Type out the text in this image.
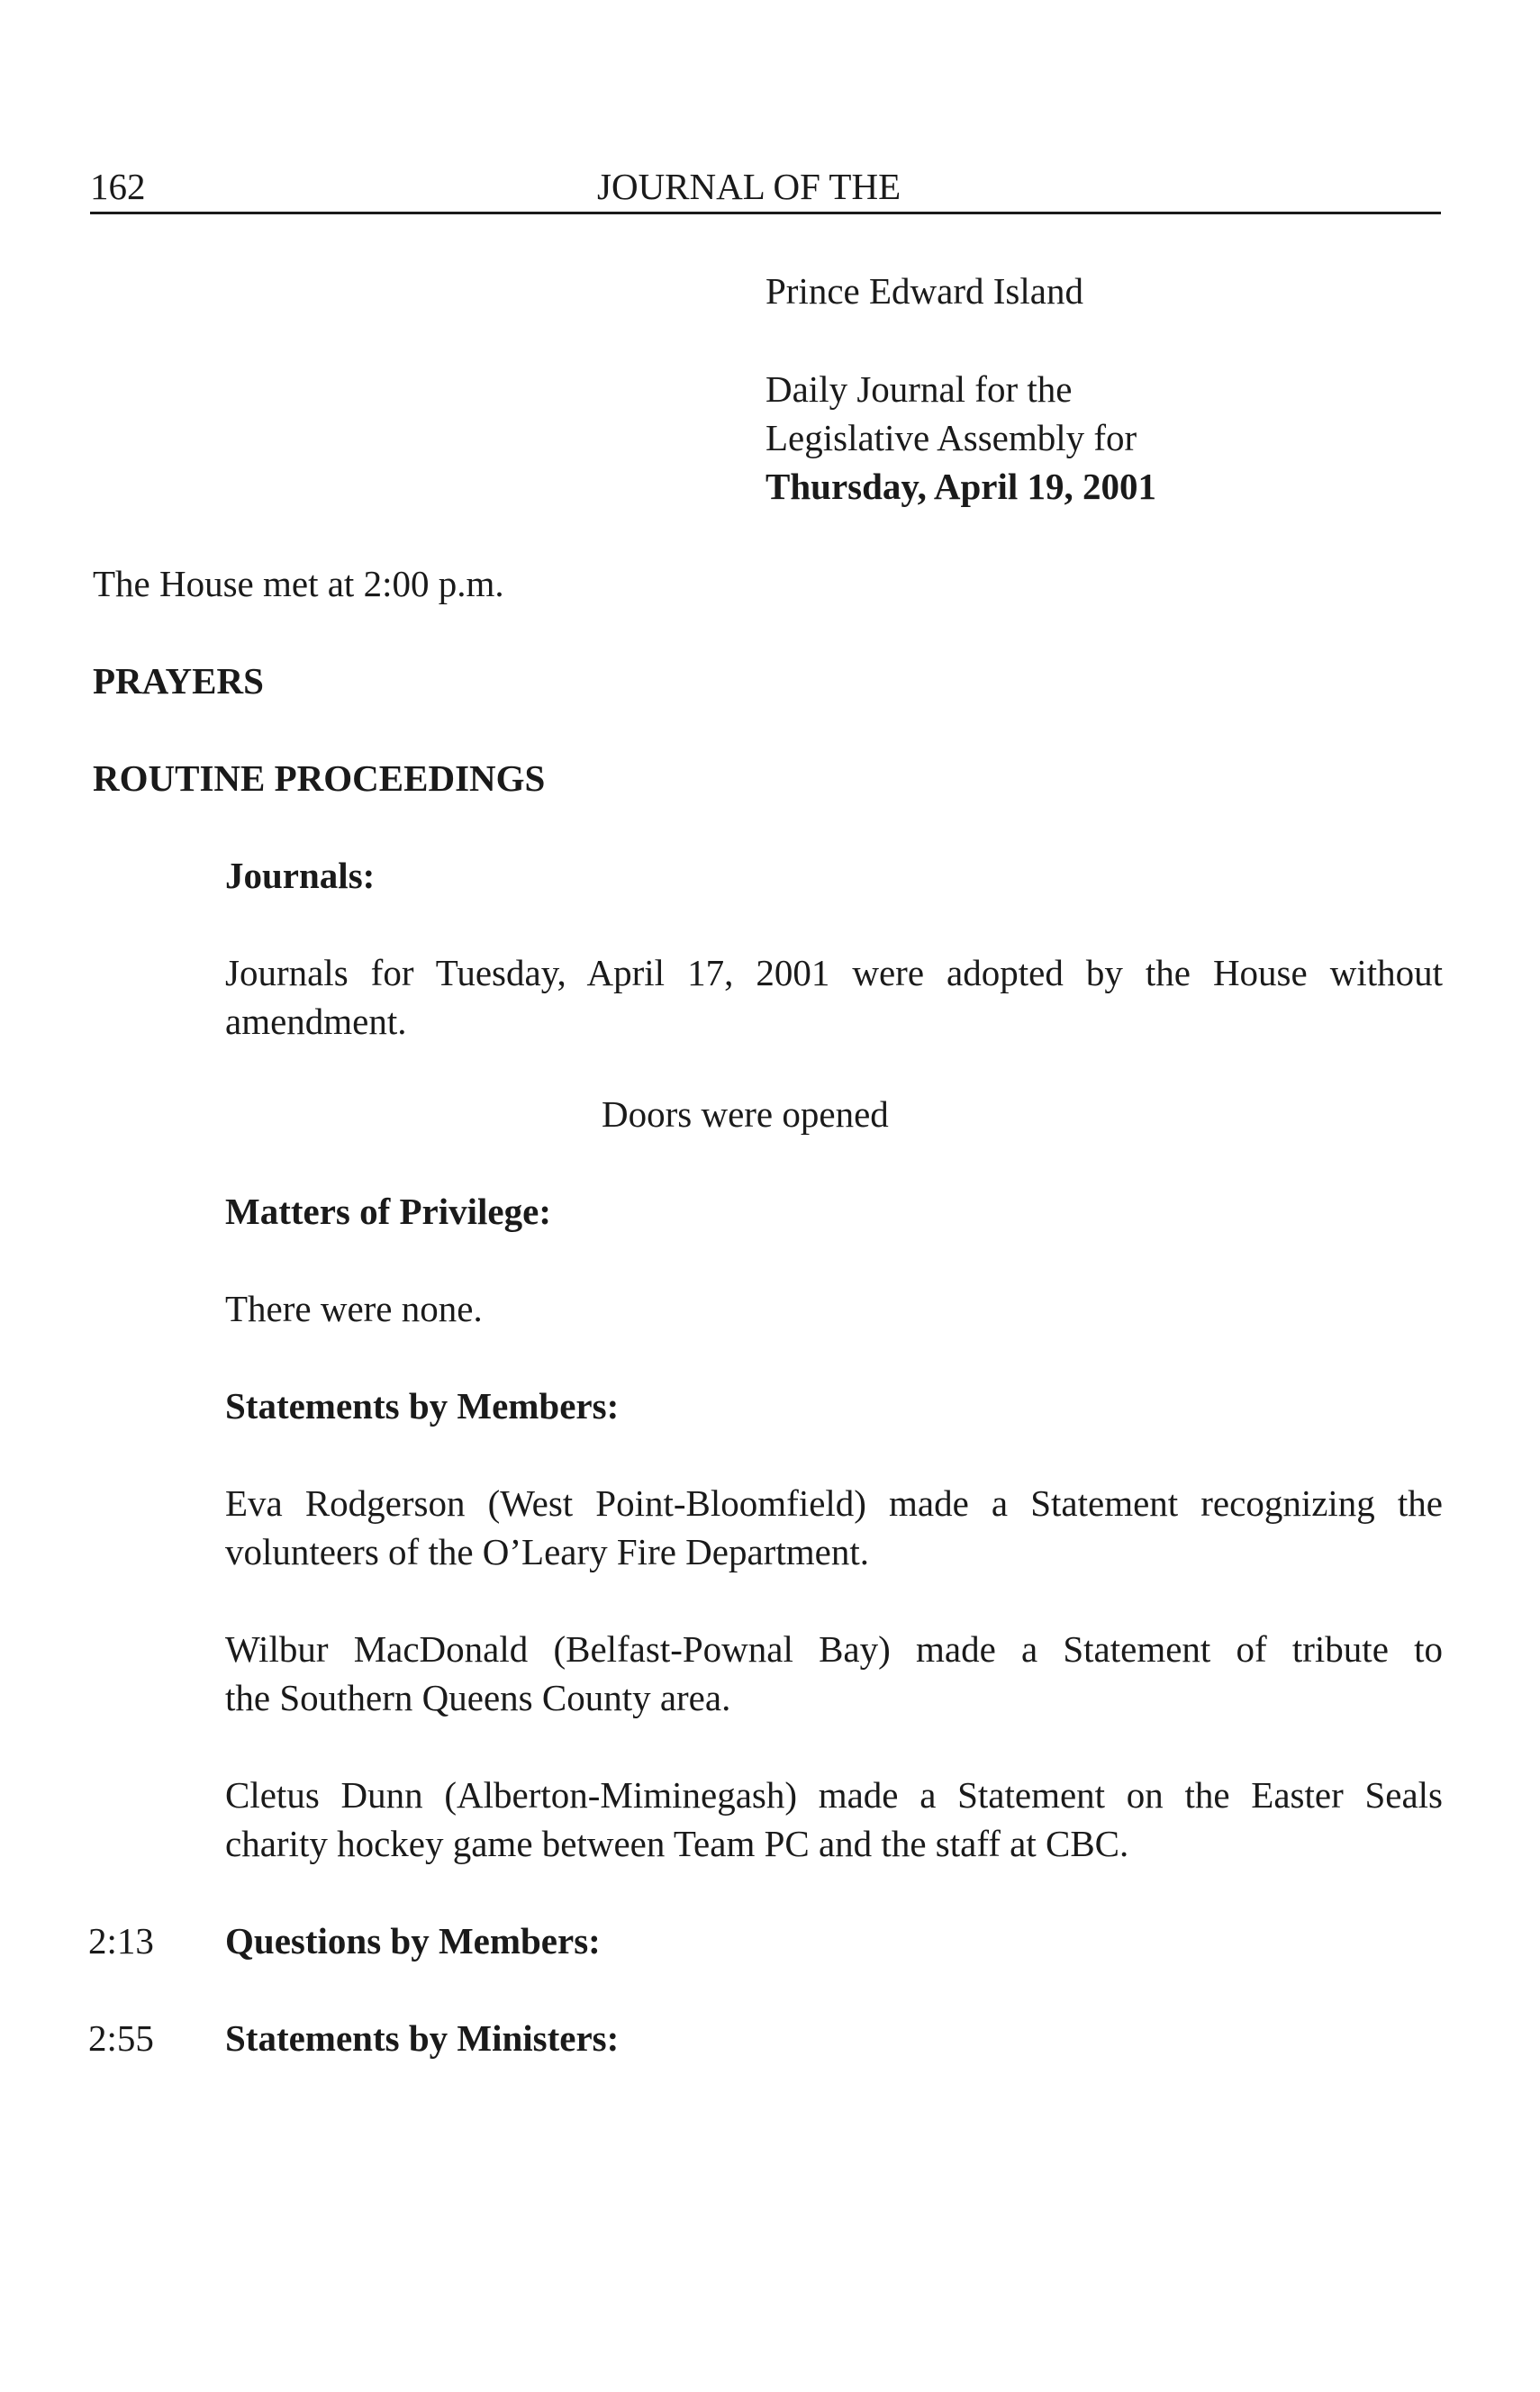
162	JOURNAL OF THE
Prince Edward Island
Daily Journal for the
Legislative Assembly for
Thursday, April 19, 2001
The House met at 2:00 p.m.
PRAYERS
ROUTINE PROCEEDINGS
Journals:
Journals for Tuesday, April 17, 2001 were adopted by the House without
amendment.
Doors were opened
Matters of Privilege:
There were none.
Statements by Members:
Eva Rodgerson (West Point-Bloomfield) made a Statement recognizing the
volunteers of the O’Leary Fire Department.
Wilbur MacDonald (Belfast-Pownal Bay) made a Statement of tribute to
the Southern Queens County area.
Cletus Dunn (Alberton-Miminegash) made a Statement on the Easter Seals
charity hockey game between Team PC and the staff at CBC.
2:13 Questions by Members:
2:55 Statements by Ministers:
